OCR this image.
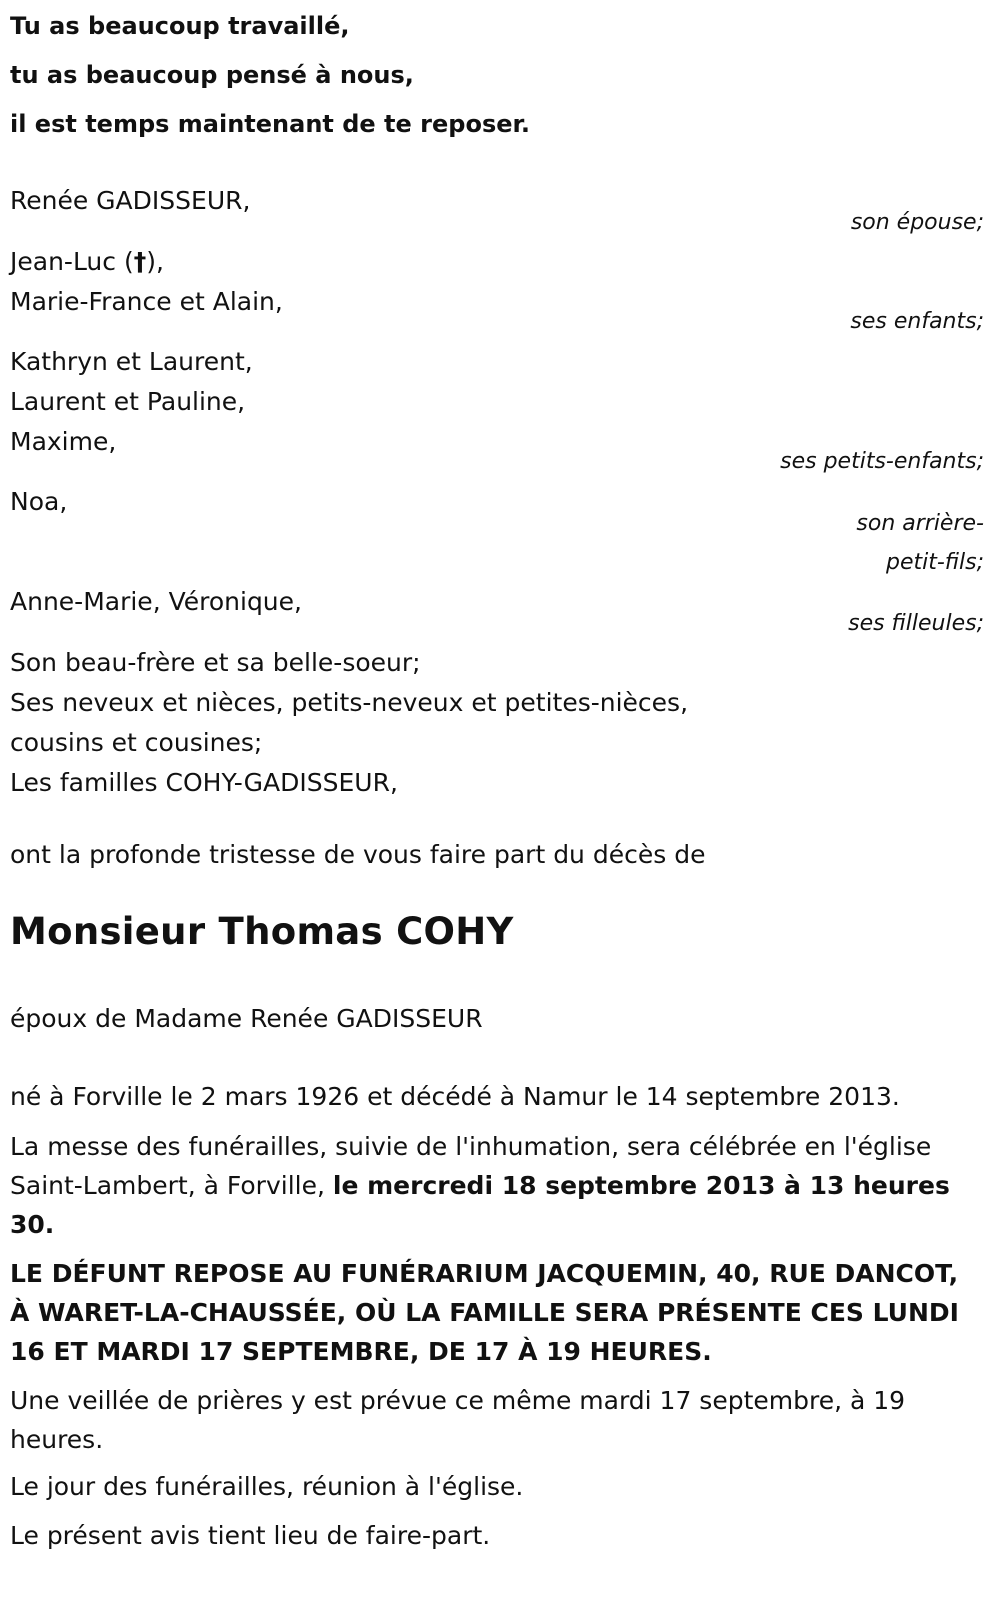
Tu as beaucoup travaillé,
tu as beaucoup pensé à nous,
il est temps maintenant de te reposer.
Renée GADISSEUR,
son épouse;
Jean-Luc (†),
Marie-France et Alain,
ses enfants;
Kathryn et Laurent,
Laurent et Pauline,
Maxime,
ses petits-enfants;
Noa,
son arrière-
petit-fils;
Anne-Marie, Véronique,
ses filleules;
Son beau-frère et sa belle-soeur;
Ses neveux et nièces, petits-neveux et petites-nièces,
cousins et cousines;
Les familles COHY-GADISSEUR,
ont la profonde tristesse de vous faire part du décès de
Monsieur Thomas COHY
époux de Madame Renée GADISSEUR
né à Forville le 2 mars 1926 et décédé à Namur le 14 septembre 2013.
La messe des funérailles, suivie de l'inhumation, sera célébrée en l'église Saint-Lambert, à Forville, le mercredi 18 septembre 2013 à 13 heures 30.
LE DÉFUNT REPOSE AU FUNÉRARIUM JACQUEMIN, 40, RUE DANCOT, À WARET-LA-CHAUSSÉE, OÙ LA FAMILLE SERA PRÉSENTE CES LUNDI 16 ET MARDI 17 SEPTEMBRE, DE 17 À 19 HEURES.
Une veillée de prières y est prévue ce même mardi 17 septembre, à 19 heures.
Le jour des funérailles, réunion à l'église.
Le présent avis tient lieu de faire-part.
